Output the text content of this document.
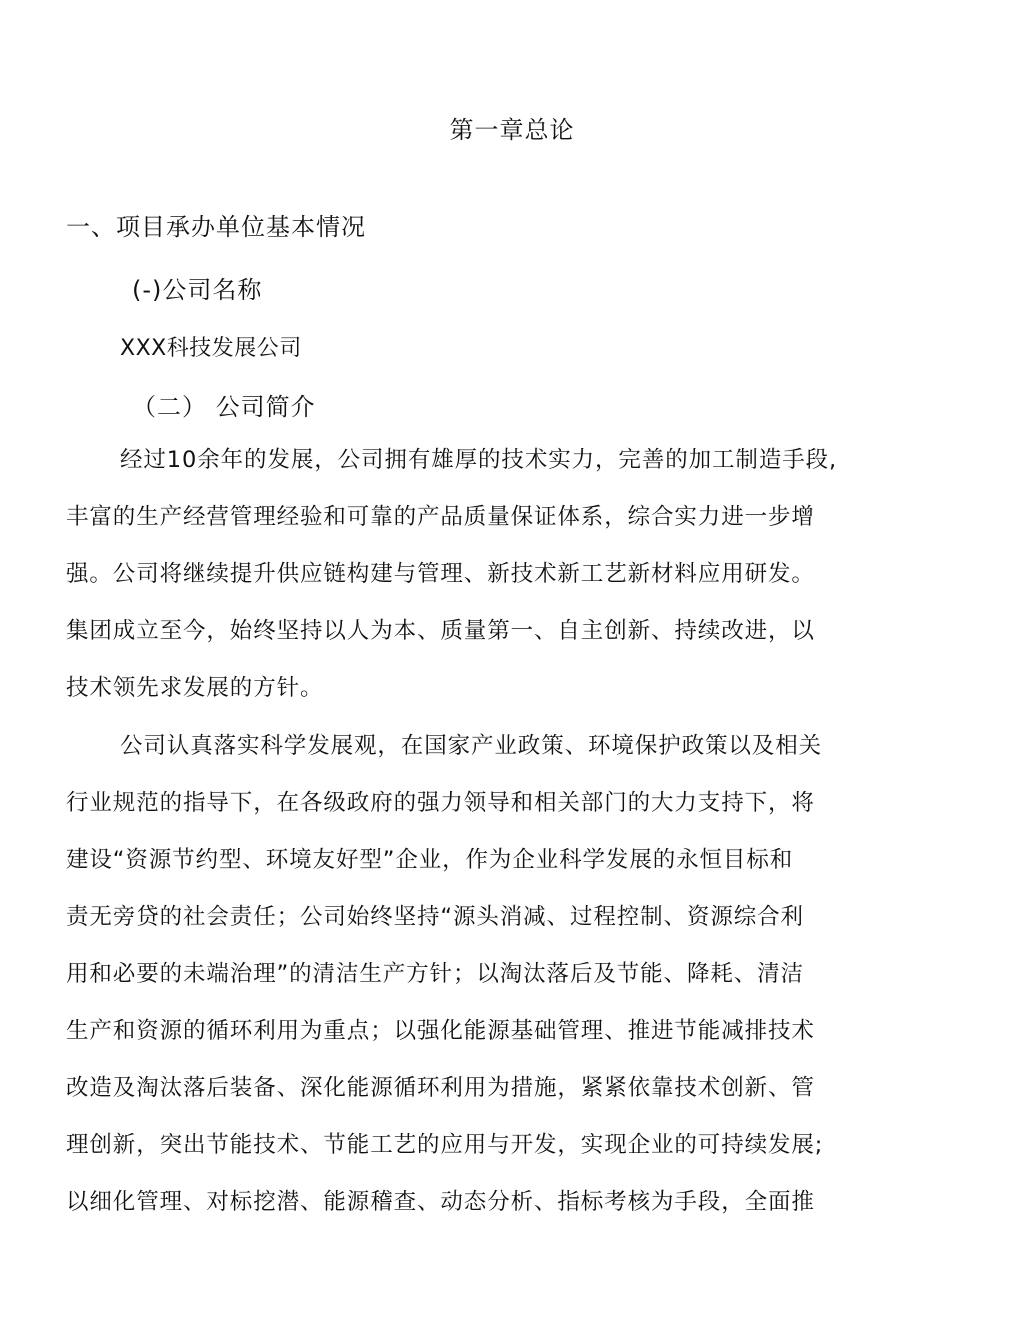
第一章总论
一、项目承办单位基本情况
(-)公司名称
XXX科技发展公司
（二） 公司简介
经过10余年的发展，公司拥有雄厚的技术实力，完善的加工制造手段,
丰富的生产经营管理经验和可靠的产品质量保证体系，综合实力进一步增
强。公司将继续提升供应链构建与管理、新技术新工艺新材料应用研发。
集团成立至今，始终坚持以人为本、质量第一、自主创新、持续改进，以
技术领先求发展的方针。
公司认真落实科学发展观，在国家产业政策、环境保护政策以及相关
行业规范的指导下，在各级政府的强力领导和相关部门的大力支持下，将
建设“资源节约型、环境友好型”企业，作为企业科学发展的永恒目标和
责无旁贷的社会责任；公司始终坚持“源头消减、过程控制、资源综合利
用和必要的未端治理”的清洁生产方针；以淘汰落后及节能、降耗、清洁
生产和资源的循环利用为重点；以强化能源基础管理、推进节能减排技术
改造及淘汰落后装备、深化能源循环利用为措施，紧紧依靠技术创新、管
理创新，突出节能技术、节能工艺的应用与开发，实现企业的可持续发展;
以细化管理、对标挖潜、能源稽查、动态分析、指标考核为手段，全面推
